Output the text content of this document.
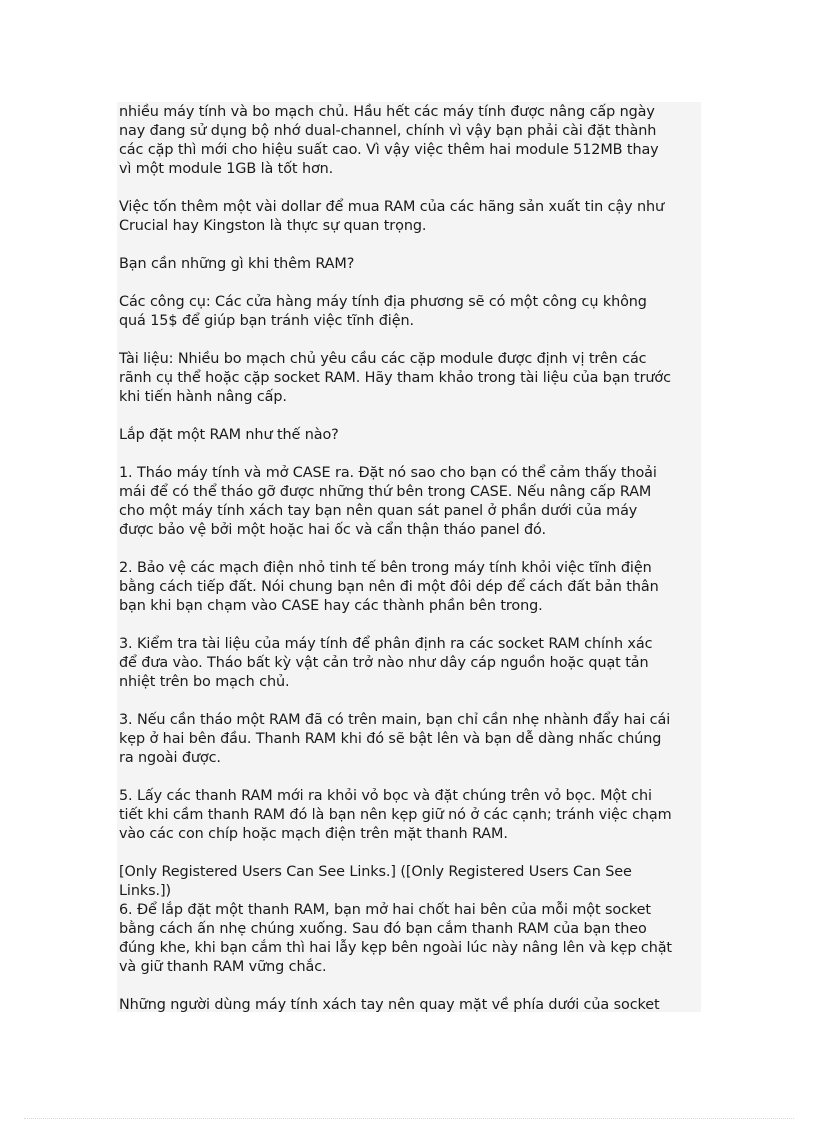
nhiều máy tính và bo mạch chủ. Hầu hết các máy tính được nâng cấp ngày
nay đang sử dụng bộ nhớ dual-channel, chính vì vậy bạn phải cài đặt thành
các cặp thì mới cho hiệu suất cao. Vì vậy việc thêm hai module 512MB thay
vì một module 1GB là tốt hơn.

Việc tốn thêm một vài dollar để mua RAM của các hãng sản xuất tin cậy như
Crucial hay Kingston là thực sự quan trọng.

Bạn cần những gì khi thêm RAM?

Các công cụ: Các cửa hàng máy tính địa phương sẽ có một công cụ không
quá 15$ để giúp bạn tránh việc tĩnh điện.

Tài liệu: Nhiều bo mạch chủ yêu cầu các cặp module được định vị trên các
rãnh cụ thể hoặc cặp socket RAM. Hãy tham khảo trong tài liệu của bạn trước
khi tiến hành nâng cấp.

Lắp đặt một RAM như thế nào?

1. Tháo máy tính và mở CASE ra. Đặt nó sao cho bạn có thể cảm thấy thoải
mái để có thể tháo gỡ được những thứ bên trong CASE. Nếu nâng cấp RAM
cho một máy tính xách tay bạn nên quan sát panel ở phần dưới của máy
được bảo vệ bởi một hoặc hai ốc và cẩn thận tháo panel đó.

2. Bảo vệ các mạch điện nhỏ tinh tế bên trong máy tính khỏi việc tĩnh điện
bằng cách tiếp đất. Nói chung bạn nên đi một đôi dép để cách đất bản thân
bạn khi bạn chạm vào CASE hay các thành phần bên trong.

3. Kiểm tra tài liệu của máy tính để phân định ra các socket RAM chính xác
để đưa vào. Tháo bất kỳ vật cản trở nào như dây cáp nguồn hoặc quạt tản
nhiệt trên bo mạch chủ.

3. Nếu cần tháo một RAM đã có trên main, bạn chỉ cần nhẹ nhành đẩy hai cái
kẹp ở hai bên đầu. Thanh RAM khi đó sẽ bật lên và bạn dễ dàng nhấc chúng
ra ngoài được.

5. Lấy các thanh RAM mới ra khỏi vỏ bọc và đặt chúng trên vỏ bọc. Một chi
tiết khi cầm thanh RAM đó là bạn nên kẹp giữ nó ở các cạnh; tránh việc chạm
vào các con chíp hoặc mạch điện trên mặt thanh RAM.

[Only Registered Users Can See Links.] ([Only Registered Users Can See
Links.])
6. Để lắp đặt một thanh RAM, bạn mở hai chốt hai bên của mỗi một socket
bằng cách ấn nhẹ chúng xuống. Sau đó bạn cắm thanh RAM của bạn theo
đúng khe, khi bạn cắm thì hai lẫy kẹp bên ngoài lúc này nâng lên và kẹp chặt
và giữ thanh RAM vững chắc.

Những người dùng máy tính xách tay nên quay mặt về phía dưới của socket
